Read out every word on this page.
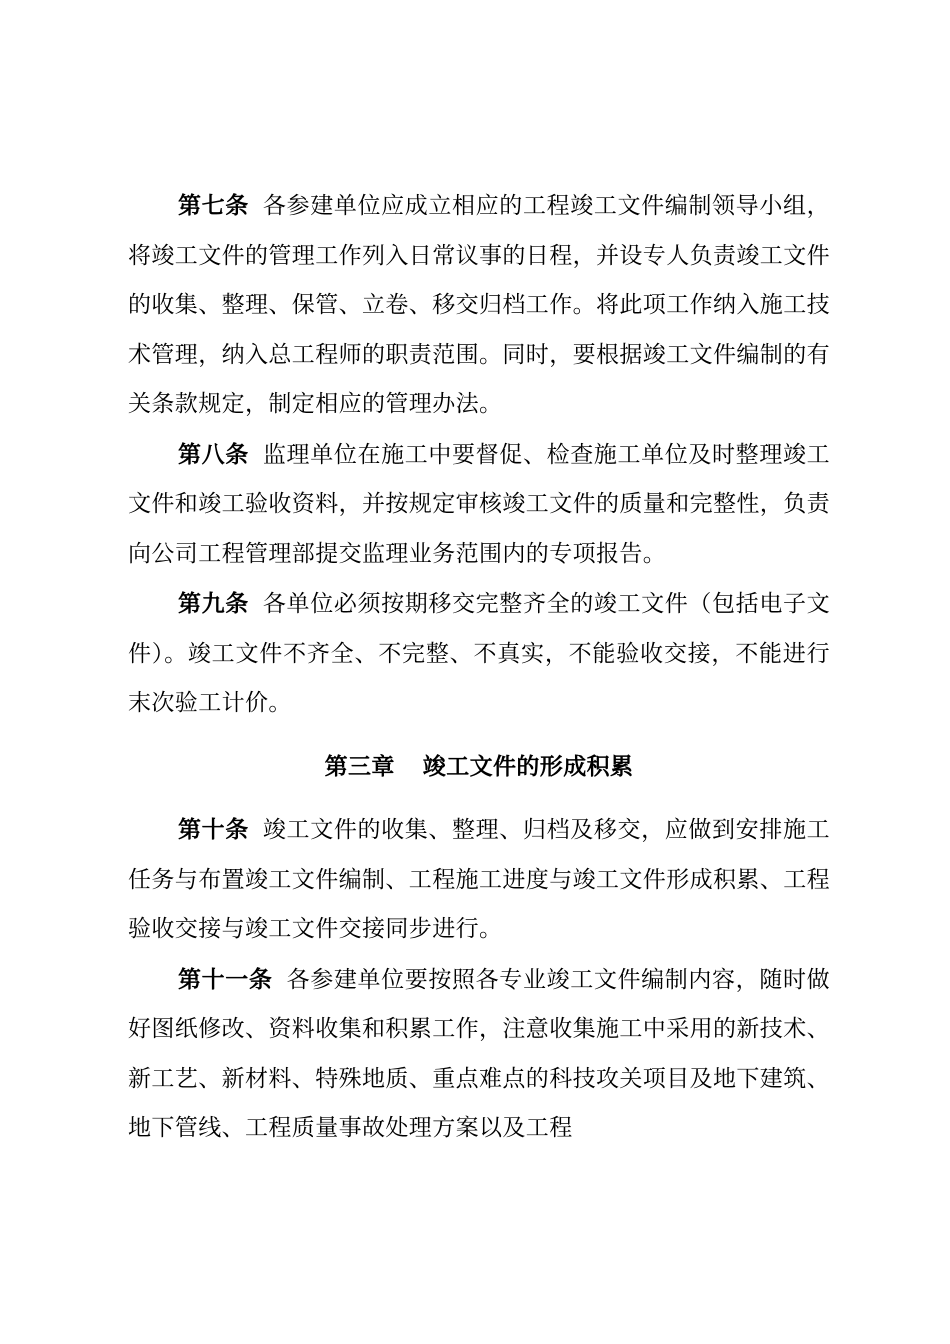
第七条 各参建单位应成立相应的工程竣工文件编制领导小组，将竣工文件的管理工作列入日常议事的日程，并设专人负责竣工文件的收集、整理、保管、立卷、移交归档工作。将此项工作纳入施工技术管理，纳入总工程师的职责范围。同时，要根据竣工文件编制的有关条款规定，制定相应的管理办法。

第八条 监理单位在施工中要督促、检查施工单位及时整理竣工文件和竣工验收资料，并按规定审核竣工文件的质量和完整性，负责向公司工程管理部提交监理业务范围内的专项报告。

第九条 各单位必须按期移交完整齐全的竣工文件（包括电子文件）。竣工文件不齐全、不完整、不真实，不能验收交接，不能进行末次验工计价。

第三章 竣工文件的形成积累

第十条 竣工文件的收集、整理、归档及移交，应做到安排施工任务与布置竣工文件编制、工程施工进度与竣工文件形成积累、工程验收交接与竣工文件交接同步进行。

第十一条 各参建单位要按照各专业竣工文件编制内容，随时做好图纸修改、资料收集和积累工作，注意收集施工中采用的新技术、新工艺、新材料、特殊地质、重点难点的科技攻关项目及地下建筑、地下管线、工程质量事故处理方案以及工程
